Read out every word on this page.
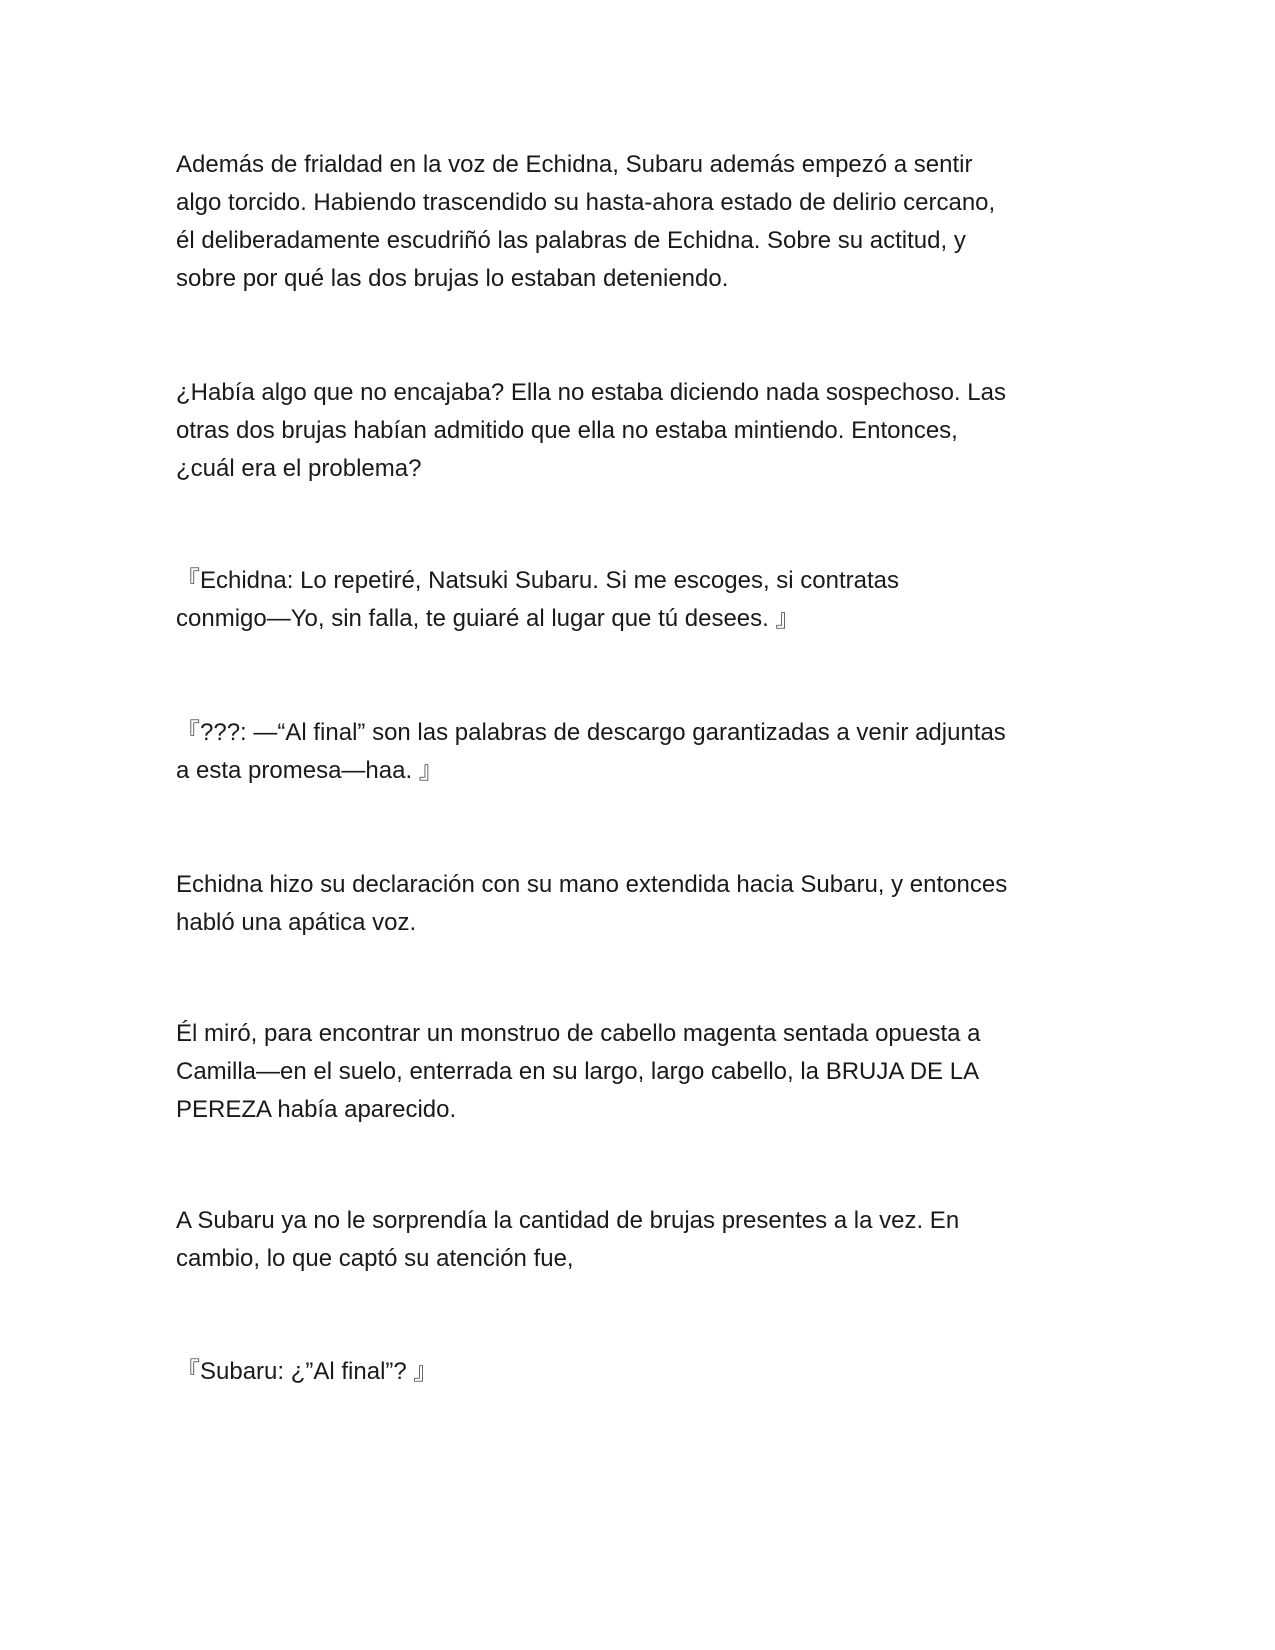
Además de frialdad en la voz de Echidna, Subaru además empezó a sentir
algo torcido. Habiendo trascendido su hasta-ahora estado de delirio cercano,
él deliberadamente escudriñó las palabras de Echidna. Sobre su actitud, y
sobre por qué las dos brujas lo estaban deteniendo.

¿Había algo que no encajaba? Ella no estaba diciendo nada sospechoso. Las
otras dos brujas habían admitido que ella no estaba mintiendo. Entonces,
¿cuál era el problema?

『Echidna: Lo repetiré, Natsuki Subaru. Si me escoges, si contratas
conmigo—Yo, sin falla, te guiaré al lugar que tú desees. 』

『???: —“Al final” son las palabras de descargo garantizadas a venir adjuntas
a esta promesa—haa. 』

Echidna hizo su declaración con su mano extendida hacia Subaru, y entonces
habló una apática voz.

Él miró, para encontrar un monstruo de cabello magenta sentada opuesta a
Camilla—en el suelo, enterrada en su largo, largo cabello, la BRUJA DE LA
PEREZA había aparecido.

A Subaru ya no le sorprendía la cantidad de brujas presentes a la vez. En
cambio, lo que captó su atención fue,

『Subaru: ¿”Al final”? 』
